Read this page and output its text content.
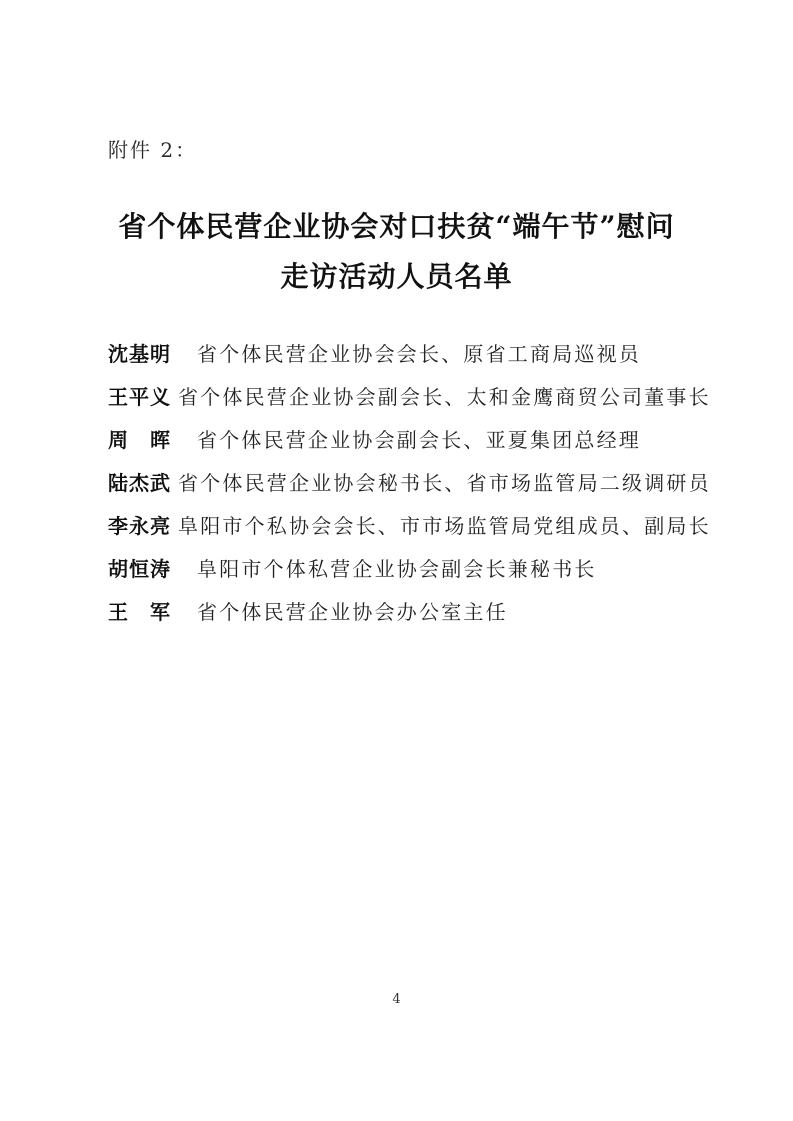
附件 2：
省个体民营企业协会对口扶贫“端午节”慰问
走访活动人员名单
沈基明	省个体民营企业协会会长、原省工商局巡视员
王平义 省个体民营企业协会副会长、太和金鹰商贸公司董事长
周　晖	省个体民营企业协会副会长、亚夏集团总经理
陆杰武 省个体民营企业协会秘书长、省市场监管局二级调研员
李永亮 阜阳市个私协会会长、市市场监管局党组成员、副局长
胡恒涛	阜阳市个体私营企业协会副会长兼秘书长
王　军	省个体民营企业协会办公室主任
4
